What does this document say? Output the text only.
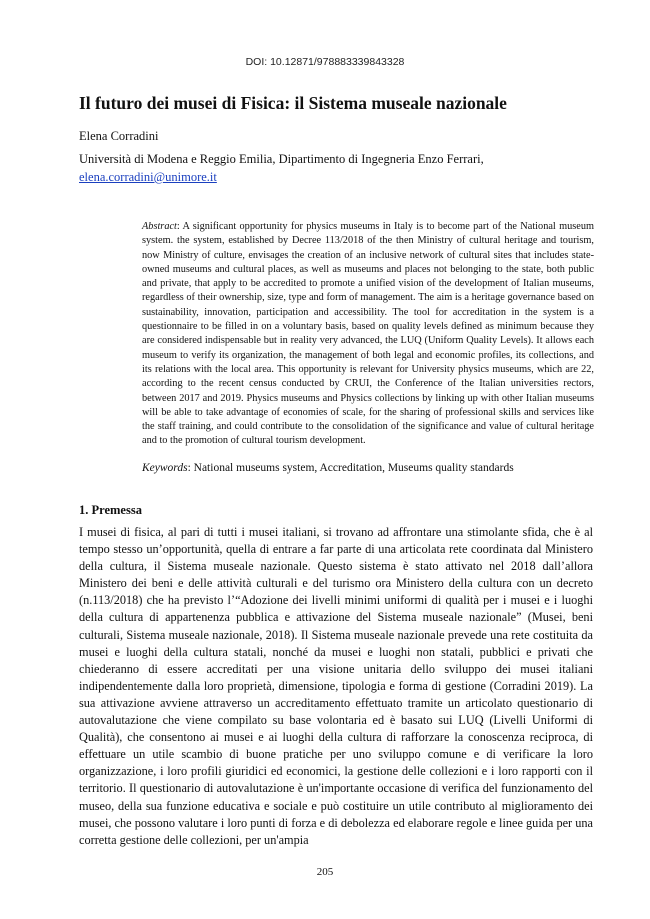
DOI: 10.12871/978883339843328
Il futuro dei musei di Fisica: il Sistema museale nazionale
Elena Corradini
Università di Modena e Reggio Emilia, Dipartimento di Ingegneria Enzo Ferrari, elena.corradini@unimore.it

Abstract: A significant opportunity for physics museums in Italy is to become part of the National museum system. the system, established by Decree 113/2018 of the then Ministry of cultural heritage and tourism, now Ministry of culture, envisages the creation of an inclusive network of cultural sites that includes state-owned museums and cultural places, as well as museums and places not belonging to the state, both public and private, that apply to be accredited to promote a unified vision of the development of Italian museums, regardless of their ownership, size, type and form of management. The aim is a heritage governance based on sustainability, innovation, participation and accessibility. The tool for accreditation in the system is a questionnaire to be filled in on a voluntary basis, based on quality levels defined as minimum because they are considered indispensable but in reality very advanced, the LUQ (Uniform Quality Levels). It allows each museum to verify its organization, the management of both legal and economic profiles, its collections, and its relations with the local area. This opportunity is relevant for University physics museums, which are 22, according to the recent census conducted by CRUI, the Conference of the Italian universities rectors, between 2017 and 2019. Physics museums and Physics collections by linking up with other Italian museums will be able to take advantage of economies of scale, for the sharing of professional skills and services like the staff training, and could contribute to the consolidation of the significance and value of cultural heritage and to the promotion of cultural tourism development.

Keywords: National museums system, Accreditation, Museums quality standards
1. Premessa

I musei di fisica, al pari di tutti i musei italiani, si trovano ad affrontare una stimolante sfida, che è al tempo stesso un’opportunità, quella di entrare a far parte di una articolata rete coordinata dal Ministero della cultura, il Sistema museale nazionale. Questo sistema è stato attivato nel 2018 dall’allora Ministero dei beni e delle attività culturali e del turismo ora Ministero della cultura con un decreto (n.113/2018) che ha previsto l’“Adozione dei livelli minimi uniformi di qualità per i musei e i luoghi della cultura di appartenenza pubblica e attivazione del Sistema museale nazionale” (Musei, beni culturali, Sistema museale nazionale, 2018). Il Sistema museale nazionale prevede una rete costituita da musei e luoghi della cultura statali, nonché da musei e luoghi non statali, pubblici e privati che chiederanno di essere accreditati per una visione unitaria dello sviluppo dei musei italiani indipendentemente dalla loro proprietà, dimensione, tipologia e forma di gestione (Corradini 2019). La sua attivazione avviene attraverso un accreditamento effettuato tramite un articolato questionario di autovalutazione che viene compilato su base volontaria ed è basato sui LUQ (Livelli Uniformi di Qualità), che consentono ai musei e ai luoghi della cultura di rafforzare la conoscenza reciproca, di effettuare un utile scambio di buone pratiche per uno sviluppo comune e di verificare la loro organizzazione, i loro profili giuridici ed economici, la gestione delle collezioni e i loro rapporti con il territorio. Il questionario di autovalutazione è un'importante occasione di verifica del funzionamento del museo, della sua funzione educativa e sociale e può costituire un utile contributo al miglioramento dei musei, che possono valutare i loro punti di forza e di debolezza ed elaborare regole e linee guida per una corretta gestione delle collezioni, per un'ampia

205
